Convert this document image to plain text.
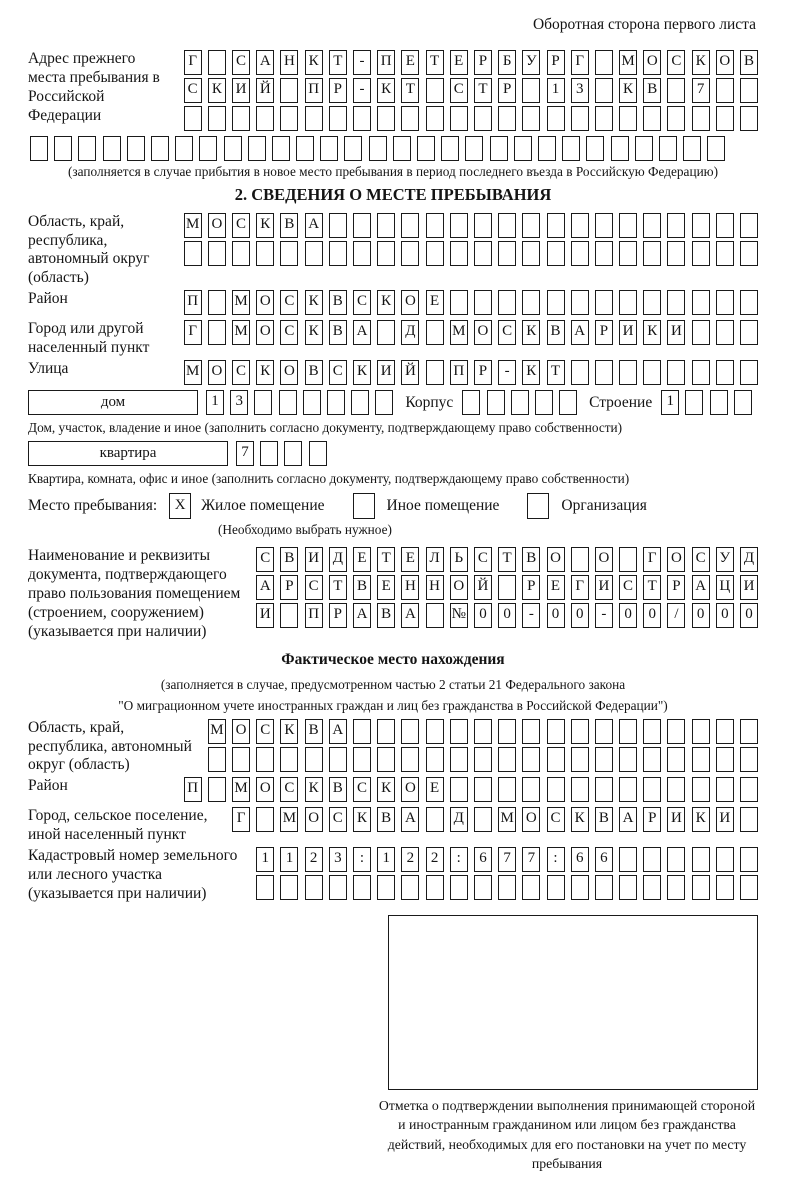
Оборотная сторона первого листа
Адрес прежнего места пребывания в Российской Федерации
Г	С А Н К Т	-	П Е Т Е	Р	Б У Р	Г	М О С К О В
С К И Й	П Р	-	К Т	С Т	Р	1	3	К В	7
(заполняется в случае прибытия в новое место пребывания в период последнего въезда в Российскую Федерацию)
2. СВЕДЕНИЯ О МЕСТЕ ПРЕБЫВАНИЯ
Область, край, республика, автономный округ (область)
М О С К В А
Район	П М О С К В С К О Е
Город или другой населенный пункт
Г	М О С К В А	Д М О С К В А Р И К И
Улица	М О С К О В С К И Й	П Р	-	К Т
дом	1	3	Корпус	Строение 1
Дом, участок, владение и иное (заполнить согласно документу, подтверждающему право собственности)
квартира	7
Квартира, комната, офис и иное (заполнить согласно документу, подтверждающему право собственности)
Место пребывания:	X	Жилое помещение	Иное помещение	Организация
(Необходимо выбрать нужное)
Наименование и реквизиты документа, подтверждающего право пользования помещением (строением, сооружением) (указывается при наличии)
С В И Д Е Т Е Л Ь С Т В О	О	Г О С У Д
А Р	С Т В Е Н Н О Й	Р	Е	Г И С Т	Р А Ц И
И	П Р А В А № 0	0	-	0	0	-	0	0	/	0	0	0
Фактическое место нахождения
(заполняется в случае, предусмотренном частью 2 статьи 21 Федерального закона
"О миграционном учете иностранных граждан и лиц без гражданства в Российской Федерации")
Область, край, республика, автономный округ (область)
М О С К В А
Район	П М О С К В С К О Е
Город, сельское поселение, иной населенный пункт
Г	М О С К В А	Д М О С К В А Р И К И
Кадастровый номер земельного или лесного участка (указывается при наличии)
1	1	2	3	:	1	2	2	:	6	7	7	:	6	6
Отметка о подтверждении выполнения принимающей стороной и иностранным гражданином или лицом без гражданства действий, необходимых для его постановки на учет по месту пребывания
